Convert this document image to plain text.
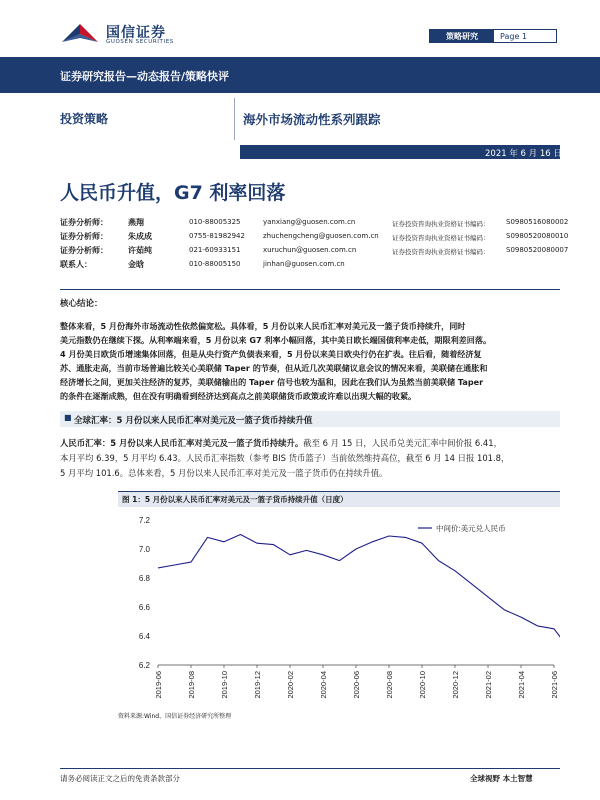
国信证券
GUOSEN SECURITIES
策略研究	Page 1
证券研究报告—动态报告/策略快评
投资策略	海外市场流动性系列跟踪
2021 年 6 月 16 日
人民币升值，G7 利率回落
证券分析师：	燕翔	010-88005325	yanxiang@guosen.com.cn	证券投资咨询执业资格证书编码： S0980516080002
证券分析师：	朱成成	0755-81982942	zhuchengcheng@guosen.com.cn 证券投资咨询执业资格证书编码： S0980520080010
证券分析师：	许茹纯	021-60933151	xuruchun@guosen.com.cn	证券投资咨询执业资格证书编码： S0980520080007
联系人：	金晗	010-88005150	jinhan@guosen.com.cn
核心结论：
整体来看，5 月份海外市场流动性依然偏宽松。具体看，5 月份以来人民币汇率对美元及一篮子货币持续升，同时
美元指数仍在继续下探。从利率端来看，5 月份以来 G7 利率小幅回落，其中美日欧长端国债利率走低，期限利差回落。
4 月份美日欧货币增速集体回落，但是从央行资产负债表来看，5 月份以来美日欧央行仍在扩表。往后看，随着经济复
苏、通胀走高，当前市场普遍比较关心美联储 Taper 的节奏，但从近几次美联储议息会议的情况来看，美联储在通胀和
经济增长之间，更加关注经济的复苏，美联储输出的 Taper 信号也较为温和，因此在我们认为虽然当前美联储 Taper
的条件在逐渐成熟，但在没有明确看到经济达到高点之前美联储货币政策或许难以出现大幅的收紧。
■ 全球汇率：5 月份以来人民币汇率对美元及一篮子货币持续升值
人民币汇率：5 月份以来人民币汇率对美元及一篮子货币持续升。截至 6 月 15 日，人民币兑美元汇率中间价报 6.41，
本月平均 6.39，5 月平均 6.43。人民币汇率指数（参考 BIS 货币篮子）当前依然维持高位，截至 6 月 14 日报 101.8，
5 月平均 101.6。总体来看，5 月份以来人民币汇率对美元及一篮子货币仍在持续升值。
图 1：5 月份以来人民币汇率对美元及一篮子货币持续升值（日度）
6.2
6.4
6.6
6.8
7.0
7.2
2019-06	2019-08	2019-10	2019-12	2020-02	2020-04	2020-06	2020-08	2020-10	2020-12	2021-02	2021-04	2021-06
中间价:美元兑人民币
资料来源:Wind、国信证券经济研究所整理
请务必阅读正文之后的免责条款部分	全球视野 本土智慧
